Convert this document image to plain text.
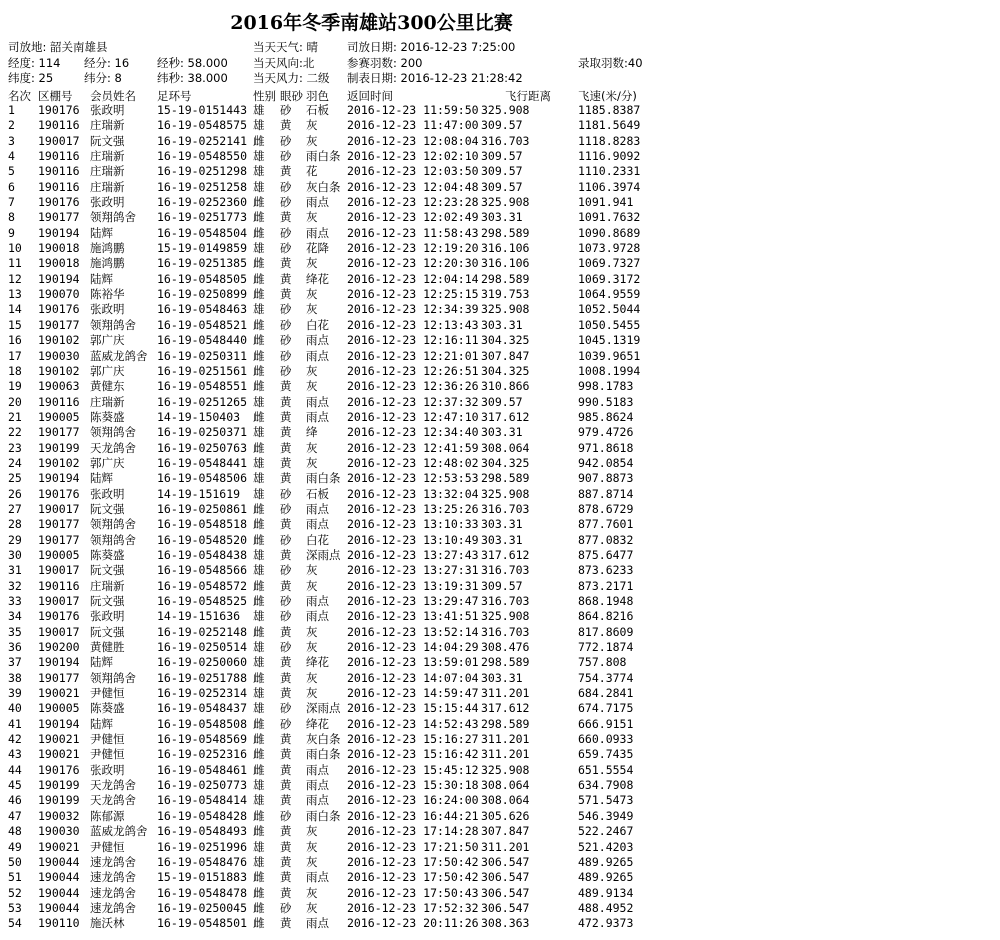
2016年冬季南雄站300公里比赛
司放地: 韶关南雄县
经度: 114 经分: 16 经秒: 58.000
纬度: 25	纬分: 8	纬秒: 38.000
当天天气: 晴
当天风向:北
当天风力: 二级
司放日期: 2016-12-23 7:25:00
参赛羽数: 200
制表日期: 2016-12-23 21:28:42
录取羽数:40
名次 区棚号 会员姓名 足环号	性别 眼砂 羽色 返回时间	飞行距离 飞速(米/分)
1 190176 张政明	15-19-0151443 雄 砂 石板 2016-12-23 11:59:50 325.908	1185.8387
2 190116 庄瑞新	16-19-0548575 雄 黄 灰	2016-12-23 11:47:00 309.57	1181.5649
3 190017 阮文强	16-19-0252141 雌 砂 灰	2016-12-23 12:08:04 316.703	1118.8283
4 190116 庄瑞新	16-19-0548550 雄 砂 雨白条 2016-12-23 12:02:10 309.57	1116.9092
5 190116 庄瑞新	16-19-0251298 雄 黄 花	2016-12-23 12:03:50 309.57	1110.2331
6 190116 庄瑞新	16-19-0251258 雄 砂 灰白条 2016-12-23 12:04:48 309.57	1106.3974
7 190176 张政明	16-19-0252360 雌 砂 雨点 2016-12-23 12:23:28 325.908	1091.941
8 190177 领翔鸽舍 16-19-0251773 雌 黄 灰	2016-12-23 12:02:49 303.31	1091.7632
9 190194 陆辉	16-19-0548504 雌 砂 雨点 2016-12-23 11:58:43 298.589	1090.8689
10 190018 施鸿鹏	15-19-0149859 雄 砂 花降 2016-12-23 12:19:20 316.106	1073.9728
11 190018 施鸿鹏	16-19-0251385 雌 黄 灰	2016-12-23 12:20:30 316.106	1069.7327
12 190194 陆辉	16-19-0548505 雌 黄 绛花 2016-12-23 12:04:14 298.589	1069.3172
13 190070 陈裕华	16-19-0250899 雌 黄 灰	2016-12-23 12:25:15 319.753	1064.9559
14 190176 张政明	16-19-0548463 雄 砂 灰	2016-12-23 12:34:39 325.908	1052.5044
15 190177 领翔鸽舍 16-19-0548521 雌 砂 白花 2016-12-23 12:13:43 303.31	1050.5455
16 190102 郭广庆	16-19-0548440 雌 砂 雨点 2016-12-23 12:16:11 304.325	1045.1319
17 190030 蓝威龙鸽舍 16-19-0250311 雌 砂 雨点 2016-12-23 12:21:01 307.847	1039.9651
18 190102 郭广庆	16-19-0251561 雌 砂 灰	2016-12-23 12:26:51 304.325	1008.1994
19 190063 黄健东	16-19-0548551 雌 黄 灰	2016-12-23 12:36:26 310.866	998.1783
20 190116 庄瑞新	16-19-0251265 雄 黄 雨点 2016-12-23 12:37:32 309.57	990.5183
21 190005 陈葵盛	14-19-150403 雌 黄 雨点 2016-12-23 12:47:10 317.612	985.8624
22 190177 领翔鸽舍 16-19-0250371 雄 黄 绛	2016-12-23 12:34:40 303.31	979.4726
23 190199 天龙鸽舍 16-19-0250763 雌 黄 灰	2016-12-23 12:41:59 308.064	971.8618
24 190102 郭广庆	16-19-0548441 雄 黄 灰	2016-12-23 12:48:02 304.325	942.0854
25 190194 陆辉	16-19-0548506 雄 黄 雨白条 2016-12-23 12:53:53 298.589	907.8873
26 190176 张政明	14-19-151619 雄 砂 石板 2016-12-23 13:32:04 325.908	887.8714
27 190017 阮文强	16-19-0250861 雌 砂 雨点 2016-12-23 13:25:26 316.703	878.6729
28 190177 领翔鸽舍 16-19-0548518 雌 黄 雨点 2016-12-23 13:10:33 303.31	877.7601
29 190177 领翔鸽舍 16-19-0548520 雌 砂 白花 2016-12-23 13:10:49 303.31	877.0832
30 190005 陈葵盛	16-19-0548438 雄 黄 深雨点 2016-12-23 13:27:43 317.612	875.6477
31 190017 阮文强	16-19-0548566 雄 砂 灰	2016-12-23 13:27:31 316.703	873.6233
32 190116 庄瑞新	16-19-0548572 雌 黄 灰	2016-12-23 13:19:31 309.57	873.2171
33 190017 阮文强	16-19-0548525 雌 砂 雨点 2016-12-23 13:29:47 316.703	868.1948
34 190176 张政明	14-19-151636 雄 砂 雨点 2016-12-23 13:41:51 325.908	864.8216
35 190017 阮文强	16-19-0252148 雌 黄 灰	2016-12-23 13:52:14 316.703	817.8609
36 190200 黄健胜	16-19-0250514 雄 砂 灰	2016-12-23 14:04:29 308.476	772.1874
37 190194 陆辉	16-19-0250060 雄 黄 绛花 2016-12-23 13:59:01 298.589	757.808
38 190177 领翔鸽舍 16-19-0251788 雌 黄 灰	2016-12-23 14:07:04 303.31	754.3774
39 190021 尹健恒	16-19-0252314 雄 黄 灰	2016-12-23 14:59:47 311.201	684.2841
40 190005 陈葵盛	16-19-0548437 雄 砂 深雨点 2016-12-23 15:15:44 317.612	674.7175
41 190194 陆辉	16-19-0548508 雌 砂 绛花 2016-12-23 14:52:43 298.589	666.9151
42 190021 尹健恒	16-19-0548569 雌 黄 灰白条 2016-12-23 15:16:27 311.201	660.0933
43 190021 尹健恒	16-19-0252316 雌 黄 雨白条 2016-12-23 15:16:42 311.201	659.7435
44 190176 张政明	16-19-0548461 雌 黄 雨点 2016-12-23 15:45:12 325.908	651.5554
45 190199 天龙鸽舍 16-19-0250773 雄 黄 雨点 2016-12-23 15:30:18 308.064	634.7908
46 190199 天龙鸽舍 16-19-0548414 雄 黄 雨点 2016-12-23 16:24:00 308.064	571.5473
47 190032 陈郁源	16-19-0548428 雌 砂 雨白条 2016-12-23 16:44:21 305.626	546.3949
48 190030 蓝威龙鸽舍 16-19-0548493 雌 黄 灰	2016-12-23 17:14:28 307.847	522.2467
49 190021 尹健恒	16-19-0251996 雄 黄 灰	2016-12-23 17:21:50 311.201	521.4203
50 190044 速龙鸽舍 16-19-0548476 雄 黄 灰	2016-12-23 17:50:42 306.547	489.9265
51 190044 速龙鸽舍 15-19-0151883 雌 黄 雨点 2016-12-23 17:50:42 306.547	489.9265
52 190044 速龙鸽舍 16-19-0548478 雌 黄 灰	2016-12-23 17:50:43 306.547	489.9134
53 190044 速龙鸽舍 16-19-0250045 雌 砂 灰	2016-12-23 17:52:32 306.547	488.4952
54 190110 施沃林	16-19-0548501 雌 黄 雨点 2016-12-23 20:11:26 308.363	472.9373
